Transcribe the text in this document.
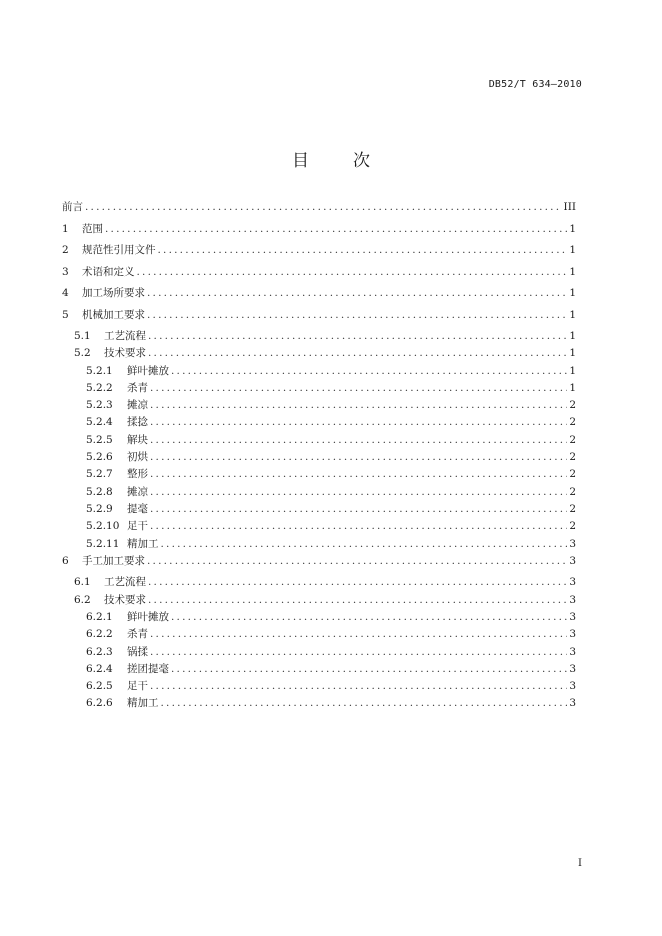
DB52/T 634—2010
目	次
前言 .....	III
1	范围 .....	1
2	规范性引用文件 .....	1
3	术语和定义 .....	1
4	加工场所要求 .....	1
5	机械加工要求 .....	1
5.1	工艺流程 .....	1
5.2	技术要求 .....	1
5.2.1	鲜叶摊放 .....	1
5.2.2	杀青 .....	1
5.2.3	摊凉 .....	2
5.2.4	揉捻 .....	2
5.2.5	解块 .....	2
5.2.6	初烘 .....	2
5.2.7	整形 .....	2
5.2.8	摊凉 .....	2
5.2.9	提毫 .....	2
5.2.10 足干 .....	2
5.2.11 精加工 .....	3
6	手工加工要求 .....	3
6.1	工艺流程 .....	3
6.2	技术要求 .....	3
6.2.1	鲜叶摊放 .....	3
6.2.2	杀青 .....	3
6.2.3	锅揉 .....	3
6.2.4	搓团提毫 .....	3
6.2.5	足干 .....	3
6.2.6	精加工 .....	3
I
